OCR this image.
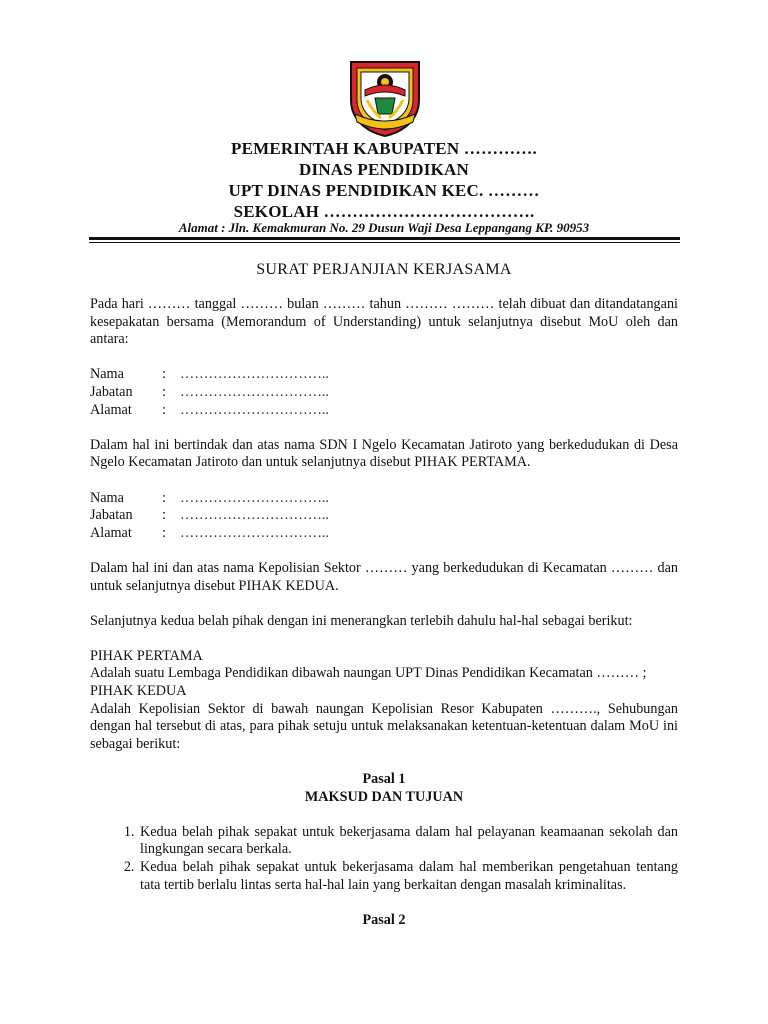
PEMERINTAH KABUPATEN ………….
DINAS PENDIDIKAN
UPT DINAS PENDIDIKAN KEC. ………
SEKOLAH ……………………………….
Alamat : Jln. Kemakmuran No. 29 Dusun Waji Desa Leppangang KP. 90953
SURAT PERJANJIAN KERJASAMA

Pada hari ……… tanggal ……… bulan ……… tahun ……… ……… telah dibuat dan ditandatangani kesepakatan bersama (Memorandum of Understanding) untuk selanjutnya disebut MoU oleh dan antara:

Nama	: …………………………..
Jabatan	: …………………………..
Alamat	: …………………………..

Dalam hal ini bertindak dan atas nama SDN I Ngelo Kecamatan Jatiroto yang berkedudukan di Desa Ngelo Kecamatan Jatiroto dan untuk selanjutnya disebut PIHAK PERTAMA.

Nama	: …………………………..
Jabatan	: …………………………..
Alamat	: …………………………..

Dalam hal ini dan atas nama Kepolisian Sektor ……… yang berkedudukan di Kecamatan ……… dan untuk selanjutnya disebut PIHAK KEDUA.

Selanjutnya kedua belah pihak dengan ini menerangkan terlebih dahulu hal-hal sebagai berikut:

PIHAK PERTAMA

Adalah suatu Lembaga Pendidikan dibawah naungan UPT Dinas Pendidikan Kecamatan ……… ;

PIHAK KEDUA

Adalah Kepolisian Sektor di bawah naungan Kepolisian Resor Kabupaten ………., Sehubungan dengan hal tersebut di atas, para pihak setuju untuk melaksanakan ketentuan-ketentuan dalam MoU ini sebagai berikut:

Pasal 1

MAKSUD DAN TUJUAN

1. Kedua belah pihak sepakat untuk bekerjasama dalam hal pelayanan keamaanan sekolah dan lingkungan secara berkala.
2. Kedua belah pihak sepakat untuk bekerjasama dalam hal memberikan pengetahuan tentang tata tertib berlalu lintas serta hal-hal lain yang berkaitan dengan masalah kriminalitas.

Pasal 2
